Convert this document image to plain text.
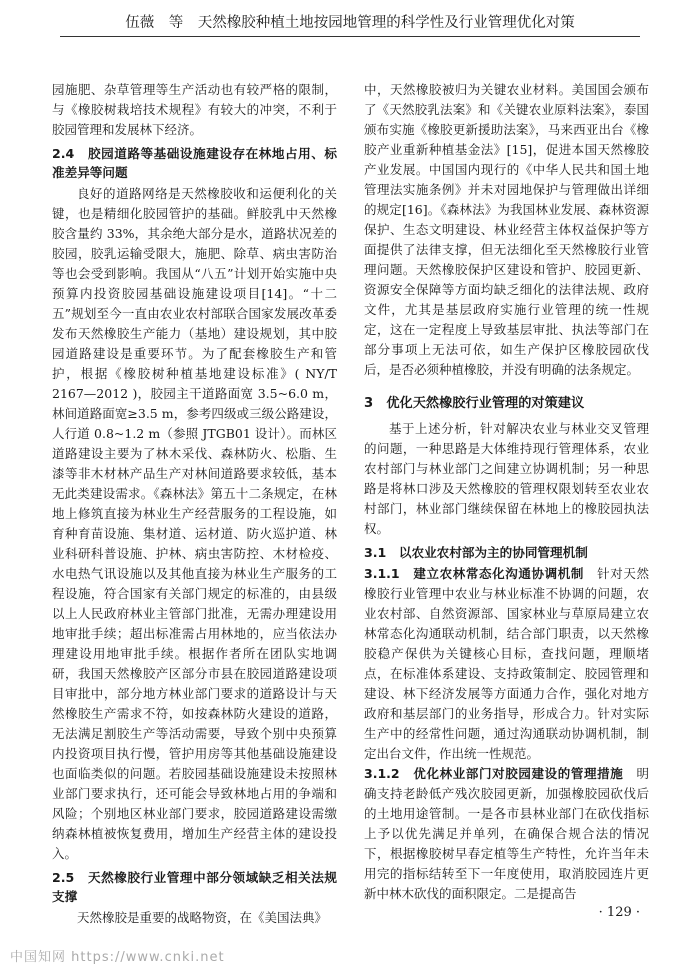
伍薇　等　天然橡胶种植土地按园地管理的科学性及行业管理优化对策

园施肥、杂草管理等生产活动也有较严格的限制，与《橡胶树栽培技术规程》有较大的冲突，不利于胶园管理和发展林下经济。

2.4　胶园道路等基础设施建设存在林地占用、标准差异等问题

良好的道路网络是天然橡胶收和运便利化的关键，也是精细化胶园管护的基础。鲜胶乳中天然橡胶含量约 33%，其余绝大部分是水，道路状况差的胶园，胶乳运输受限大，施肥、除草、病虫害防治等也会受到影响。我国从“八五”计划开始实施中央预算内投资胶园基础设施建设项目[14]。“十二五”规划至今一直由农业农村部联合国家发展改革委发布天然橡胶生产能力（基地）建设规划，其中胶园道路建设是重要环节。为了配套橡胶生产和管护，根据《橡胶树种植基地建设标准》( NY/T 2167—2012 )，胶园主干道路面宽 3.5~6.0 m，林间道路面宽≥3.5 m，参考四级或三级公路建设，人行道 0.8~1.2 m（参照 JTGB01 设计）。而林区道路建设主要为了林木采伐、森林防火、松脂、生漆等非木材林产品生产对林间道路要求较低，基本无此类建设需求。《森林法》第五十二条规定，在林地上修筑直接为林业生产经营服务的工程设施，如育种育苗设施、集材道、运材道、防火巡护道、林业科研科普设施、护林、病虫害防控、木材检疫、水电热气讯设施以及其他直接为林业生产服务的工程设施，符合国家有关部门规定的标准的，由县级以上人民政府林业主管部门批准，无需办理建设用地审批手续；超出标准需占用林地的，应当依法办理建设用地审批手续。根据作者所在团队实地调研，我国天然橡胶产区部分市县在胶园道路建设项目审批中，部分地方林业部门要求的道路设计与天然橡胶生产需求不符，如按森林防火建设的道路，无法满足割胶生产等活动需要，导致个别中央预算内投资项目执行慢，管护用房等其他基础设施建设也面临类似的问题。若胶园基础设施建设未按照林业部门要求执行，还可能会导致林地占用的争端和风险；个别地区林业部门要求，胶园道路建设需缴纳森林植被恢复费用，增加生产经营主体的建设投入。

2.5　天然橡胶行业管理中部分领域缺乏相关法规支撑

天然橡胶是重要的战略物资，在《美国法典》

中，天然橡胶被归为关键农业材料。美国国会颁布了《天然胶乳法案》和《关键农业原料法案》，泰国颁布实施《橡胶更新援助法案》，马来西亚出台《橡胶产业重新种植基金法》[15]，促进本国天然橡胶产业发展。中国国内现行的《中华人民共和国土地管理法实施条例》并未对园地保护与管理做出详细的规定[16]。《森林法》为我国林业发展、森林资源保护、生态文明建设、林业经营主体权益保护等方面提供了法律支撑，但无法细化至天然橡胶行业管理问题。天然橡胶保护区建设和管护、胶园更新、资源安全保障等方面均缺乏细化的法律法规、政府文件，尤其是基层政府实施行业管理的统一性规定，这在一定程度上导致基层审批、执法等部门在部分事项上无法可依，如生产保护区橡胶园砍伐后，是否必须种植橡胶，并没有明确的法条规定。

3　优化天然橡胶行业管理的对策建议

基于上述分析，针对解决农业与林业交叉管理的问题，一种思路是大体维持现行管理体系，农业农村部门与林业部门之间建立协调机制；另一种思路是将林口涉及天然橡胶的管理权限划转至农业农村部门，林业部门继续保留在林地上的橡胶园执法权。

3.1　以农业农村部为主的协同管理机制

3.1.1　建立农林常态化沟通协调机制　针对天然橡胶行业管理中农业与林业标准不协调的问题，农业农村部、自然资源部、国家林业与草原局建立农林常态化沟通联动机制，结合部门职责，以天然橡胶稳产保供为关键核心目标，查找问题，理顺堵点，在标准体系建设、支持政策制定、胶园管理和建设、林下经济发展等方面通力合作，强化对地方政府和基层部门的业务指导，形成合力。针对实际生产中的经常性问题，通过沟通联动协调机制，制定出台文件，作出统一性规范。

3.1.2　优化林业部门对胶园建设的管理措施　明确支持老龄低产残次胶园更新，加强橡胶园砍伐后的土地用途管制。一是各市县林业部门在砍伐指标上予以优先满足并单列，在确保合规合法的情况下，根据橡胶树早春定植等生产特性，允许当年未用完的指标结转至下一年度使用，取消胶园连片更新中林木砍伐的面积限定。二是提高告

· 129 ·
中国知网 https://www.cnki.net
